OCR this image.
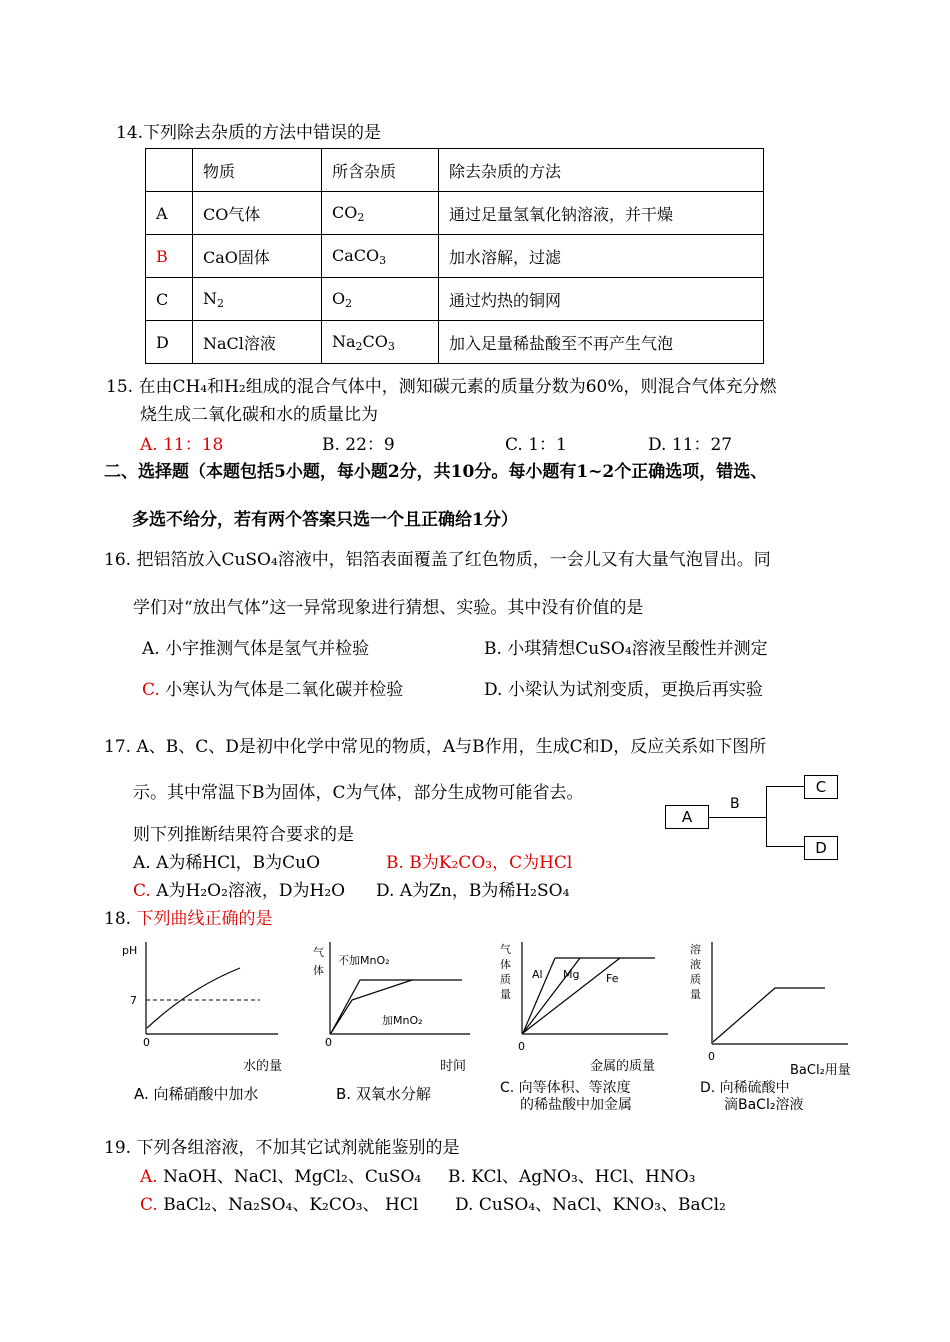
14.下列除去杂质的方法中错误的是
	物质	所含杂质	除去杂质的方法
A	CO气体	$CO_2$	通过足量氢氧化钠溶液，并干燥
B	CaO固体	CaCO$_3$	加水溶解，过滤
C	$N_2$	$O_2$	通过灼热的铜网
D	NaCl溶液	$Na_2CO_3$	加入足量稀盐酸至不再产生气泡
15. 在由CH₄和H₂组成的混合气体中，测知碳元素的质量分数为60%，则混合气体充分燃
烧生成二氧化碳和水的质量比为
A. 11：18	B. 22：9	C. 1：1	D. 11：27
二、选择题（本题包括5小题，每小题2分，共10分。每小题有1~2个正确选项，错选、
多选不给分，若有两个答案只选一个且正确给1分）
16. 把铝箔放入CuSO₄溶液中，铝箔表面覆盖了红色物质，一会儿又有大量气泡冒出。同
学们对“放出气体”这一异常现象进行猜想、实验。其中没有价值的是
A. 小宇推测气体是氢气并检验	B. 小琪猜想CuSO₄溶液呈酸性并测定
C. 小寒认为气体是二氧化碳并检验	D. 小梁认为试剂变质，更换后再实验
17. A、B、C、D是初中化学中常见的物质，A与B作用，生成C和D，反应关系如下图所
示。其中常温下B为固体，C为气体，部分生成物可能省去。
则下列推断结果符合要求的是
A. A为稀HCl，B为CuO	B. B为K₂CO₃，C为HCl
C. A为H₂O₂溶液，D为H₂O D. A为Zn，B为稀H₂SO₄
A
B
C
D
18. 下列曲线正确的是
pH
7
0
水的量
A. 向稀硝酸中加水
气
体
不加MnO₂
加MnO₂
0
时间
B. 双氧水分解
气
体
质
量
Al Mg Fe
0
金属的质量
C. 向等体积、等浓度
的稀盐酸中加金属
溶
液
质
量
0
BaCl₂用量
D. 向稀硫酸中
滴BaCl₂溶液
19. 下列各组溶液，不加其它试剂就能鉴别的是
A. NaOH、NaCl、MgCl₂、CuSO₄ B. KCl、AgNO₃、HCl、HNO₃
C. BaCl₂、Na₂SO₄、K₂CO₃、 HCl D. CuSO₄、NaCl、KNO₃、BaCl₂
